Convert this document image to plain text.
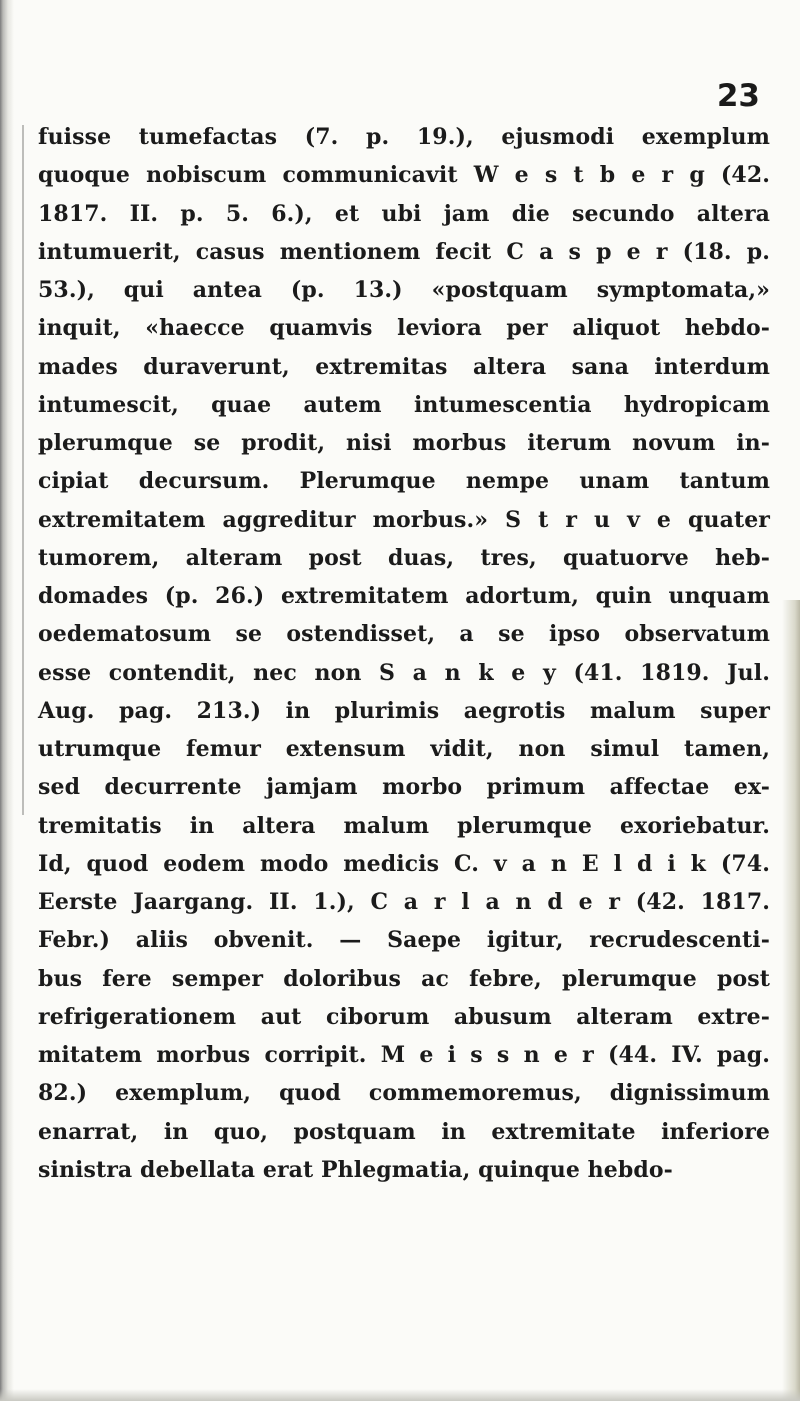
23
fuisse tumefactas (7. p. 19.), ejusmodi exemplum
quoque nobiscum communicavit W e s t b e r g (42.
1817. II. p. 5. 6.), et ubi jam die secundo altera
intumuerit, casus mentionem fecit C a s p e r (18. p.
53.), qui antea (p. 13.) «postquam symptomata,»
inquit, «haecce quamvis leviora per aliquot hebdo-
mades duraverunt, extremitas altera sana interdum
intumescit, quae autem intumescentia hydropicam
plerumque se prodit, nisi morbus iterum novum in-
cipiat decursum. Plerumque nempe unam tantum
extremitatem aggreditur morbus.» S t r u v e quater
tumorem, alteram post duas, tres, quatuorve heb-
domades (p. 26.) extremitatem adortum, quin unquam
oedematosum se ostendisset, a se ipso observatum
esse contendit, nec non S a n k e y (41. 1819. Jul.
Aug. pag. 213.) in plurimis aegrotis malum super
utrumque femur extensum vidit, non simul tamen,
sed decurrente jamjam morbo primum affectae ex-
tremitatis in altera malum plerumque exoriebatur.
Id, quod eodem modo medicis C. v a n E l d i k (74.
Eerste Jaargang. II. 1.), C a r l a n d e r (42. 1817.
Febr.) aliis obvenit. — Saepe igitur, recrudescenti-
bus fere semper doloribus ac febre, plerumque post
refrigerationem aut ciborum abusum alteram extre-
mitatem morbus corripit. M e i s s n e r (44. IV. pag.
82.) exemplum, quod commemoremus, dignissimum
enarrat, in quo, postquam in extremitate inferiore
sinistra debellata erat Phlegmatia, quinque hebdo-
